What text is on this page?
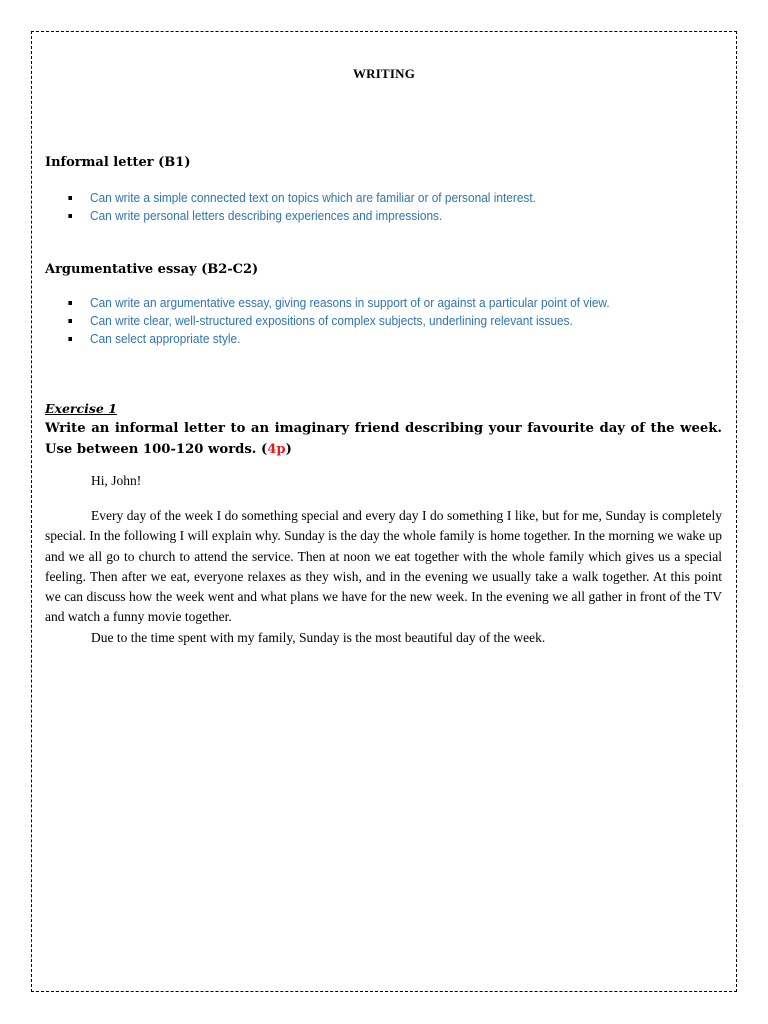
WRITING
Informal letter (B1)
Can write a simple connected text on topics which are familiar or of personal interest.
Can write personal letters describing experiences and impressions.
Argumentative essay (B2-C2)
Can write an argumentative essay, giving reasons in support of or against a particular point of view.
Can write clear, well-structured expositions of complex subjects, underlining relevant issues.
Can select appropriate style.
Exercise 1
Write an informal letter to an imaginary friend describing your favourite day of the week. Use between 100-120 words. (4p)
Hi, John!

Every day of the week I do something special and every day I do something I like, but for me, Sunday is completely special. In the following I will explain why. Sunday is the day the whole family is home together. In the morning we wake up and we all go to church to attend the service. Then at noon we eat together with the whole family which gives us a special feeling. Then after we eat, everyone relaxes as they wish, and in the evening we usually take a walk together. At this point we can discuss how the week went and what plans we have for the new week. In the evening we all gather in front of the TV and watch a funny movie together.

Due to the time spent with my family, Sunday is the most beautiful day of the week.
